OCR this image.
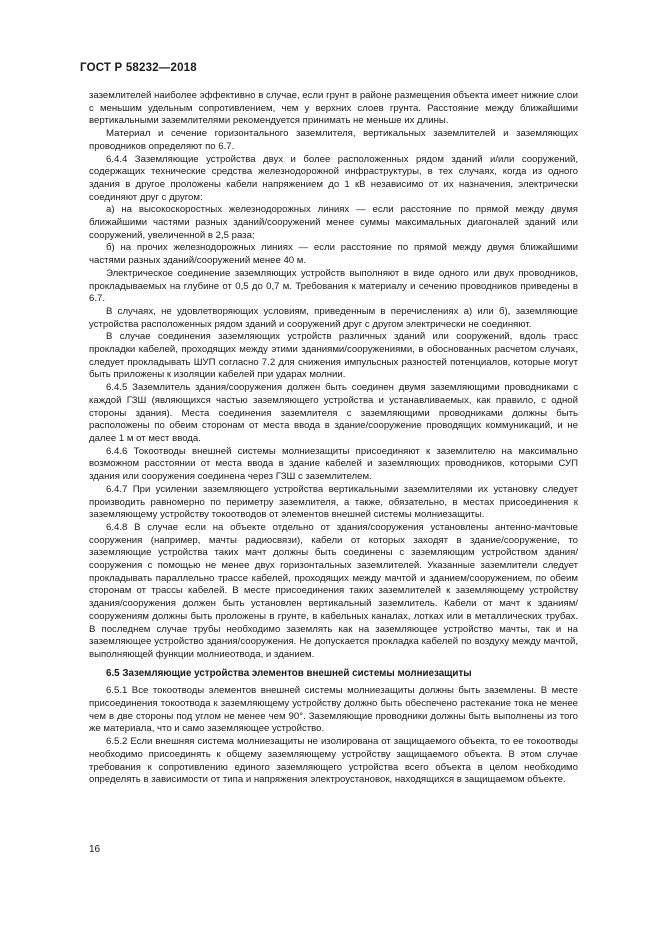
ГОСТ Р 58232—2018

заземлителей наиболее эффективно в случае, если грунт в районе размещения объекта имеет нижние слои с меньшим удельным сопротивлением, чем у верхних слоев грунта. Расстояние между ближайшими вертикальными заземлителями рекомендуется принимать не меньше их длины.

Материал и сечение горизонтального заземлителя, вертикальных заземлителей и заземляющих проводников определяют по 6.7.

6.4.4 Заземляющие устройства двух и более расположенных рядом зданий и/или сооружений, содержащих технические средства железнодорожной инфраструктуры, в тех случаях, когда из одного здания в другое проложены кабели напряжением до 1 кВ независимо от их назначения, электрически соединяют друг с другом:

а) на высокоскоростных железнодорожных линиях — если расстояние по прямой между двумя ближайшими частями разных зданий/сооружений менее суммы максимальных диагоналей зданий или сооружений, увеличенной в 2,5 раза;

б) на прочих железнодорожных линиях — если расстояние по прямой между двумя ближайшими частями разных зданий/сооружений менее 40 м.

Электрическое соединение заземляющих устройств выполняют в виде одного или двух проводников, прокладываемых на глубине от 0,5 до 0,7 м. Требования к материалу и сечению проводников приведены в 6.7.

В случаях, не удовлетворяющих условиям, приведенным в перечислениях а) или б), заземляющие устройства расположенных рядом зданий и сооружений друг с другом электрически не соединяют.

В случае соединения заземляющих устройств различных зданий или сооружений, вдоль трасс прокладки кабелей, проходящих между этими зданиями/сооружениями, в обоснованных расчетом случаях, следует прокладывать ШУП согласно 7.2 для снижения импульсных разностей потенциалов, которые могут быть приложены к изоляции кабелей при ударах молнии.

6.4.5 Заземлитель здания/сооружения должен быть соединен двумя заземляющими проводниками с каждой ГЗШ (являющихся частью заземляющего устройства и устанавливаемых, как правило, с одной стороны здания). Места соединения заземлителя с заземляющими проводниками должны быть расположены по обеим сторонам от места ввода в здание/сооружение проводящих коммуникаций, и не далее 1 м от мест ввода.

6.4.6 Токоотводы внешней системы молниезащиты присоединяют к заземлителю на максимально возможном расстоянии от места ввода в здание кабелей и заземляющих проводников, которыми СУП здания или сооружения соединена через ГЗШ с заземлителем.

6.4.7 При усилении заземляющего устройства вертикальными заземлителями их установку следует производить равномерно по периметру заземлителя, а также, обязательно, в местах присоединения к заземляющему устройству токоотводов от элементов внешней системы молниезащиты.

6.4.8 В случае если на объекте отдельно от здания/сооружения установлены антенно-мачтовые сооружения (например, мачты радиосвязи), кабели от которых заходят в здание/сооружение, то заземляющие устройства таких мачт должны быть соединены с заземляющим устройством здания/сооружения с помощью не менее двух горизонтальных заземлителей. Указанные заземлители следует прокладывать параллельно трассе кабелей, проходящих между мачтой и зданием/сооружением, по обеим сторонам от трассы кабелей. В месте присоединения таких заземлителей к заземляющему устройству здания/сооружения должен быть установлен вертикальный заземлитель. Кабели от мачт к зданиям/сооружениям должны быть проложены в грунте, в кабельных каналах, лотках или в металлических трубах. В последнем случае трубы необходимо заземлять как на заземляющее устройство мачты, так и на заземляющее устройство здания/сооружения. Не допускается прокладка кабелей по воздуху между мачтой, выполняющей функции молниеотвода, и зданием.

6.5 Заземляющие устройства элементов внешней системы молниезащиты

6.5.1 Все токоотводы элементов внешней системы молниезащиты должны быть заземлены. В месте присоединения токоотвода к заземляющему устройству должно быть обеспечено растекание тока не менее чем в две стороны под углом не менее чем 90°. Заземляющие проводники должны быть выполнены из того же материала, что и само заземляющее устройство.

6.5.2 Если внешняя система молниезащиты не изолирована от защищаемого объекта, то ее токоотводы необходимо присоединять к общему заземляющему устройству защищаемого объекта. В этом случае требования к сопротивлению единого заземляющего устройства всего объекта в целом необходимо определять в зависимости от типа и напряжения электроустановок, находящихся в защищаемом объекте.

16
